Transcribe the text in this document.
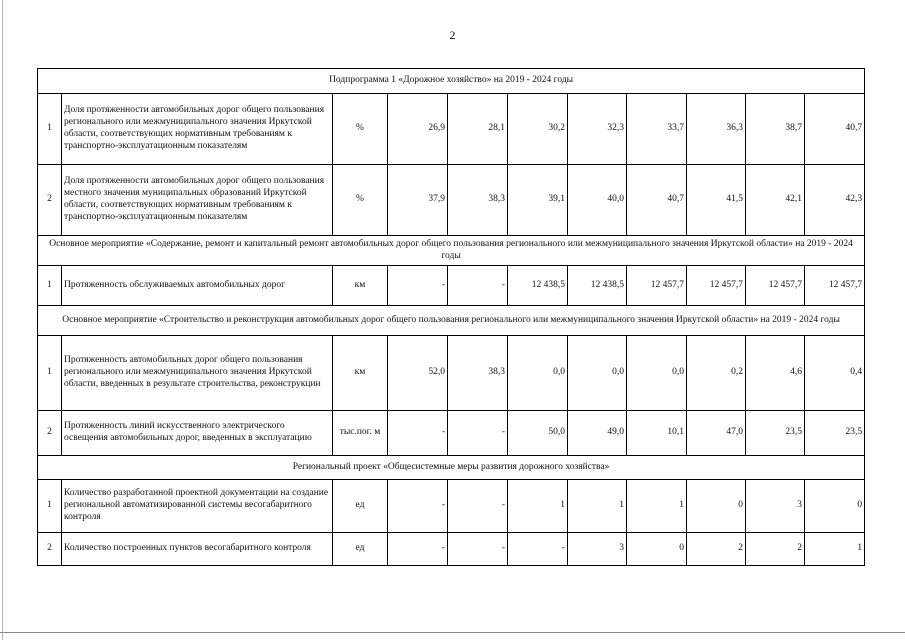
2
Подпрограмма 1 «Дорожное хозяйство» на 2019 - 2024 годы										
1	Доля протяженности автомобильных дорог общего пользования регионального или межмуниципального значения Иркутской области, соответствующих нормативным требованиям к транспортно-эксплуатационным показателям	%	26,9	28,1	30,2	32,3	33,7	36,3	38,7	40,7
2	Доля протяженности автомобильных дорог общего пользования местного значения муниципальных образований Иркутской области, соответствующих нормативным требованиям к транспортно-эксплуатационным показателям	%	37,9	38,3	39,1	40,0	40,7	41,5	42,1	42,3
Основное мероприятие «Содержание, ремонт и капитальный ремонт автомобильных дорог общего пользования регионального или межмуниципального значения Иркутской области» на 2019 - 2024 годы										
1	Протяженность обслуживаемых автомобильных дорог	км	-	-	12 438,5	12 438,5	12 457,7	12 457,7	12 457,7	12 457,7
Основное мероприятие «Строительство и реконструкция автомобильных дорог общего пользования регионального или межмуниципального значения Иркутской области» на 2019 - 2024 годы										
1	Протяженность автомобильных дорог общего пользования регионального или межмуниципального значения Иркутской области, введенных в результате строительства, реконструкции	км	52,0	38,3	0,0	0,0	0,0	0,2	4,6	0,4
2	Протяженность линий искусственного электрического освещения автомобильных дорог, введенных в эксплуатацию	тыс.пог. м	-	-	50,0	49,0	10,1	47,0	23,5	23,5
Региональный проект «Общесистемные меры развития дорожного хозяйства»										
1	Количество разработанной проектной документации на создание региональной автоматизированной системы весогабаритного контроля	ед	-	-	1	1	1	0	3	0
2	Количество построенных пунктов весогабаритного контроля	ед	-	-	-	3	0	2	2	1
